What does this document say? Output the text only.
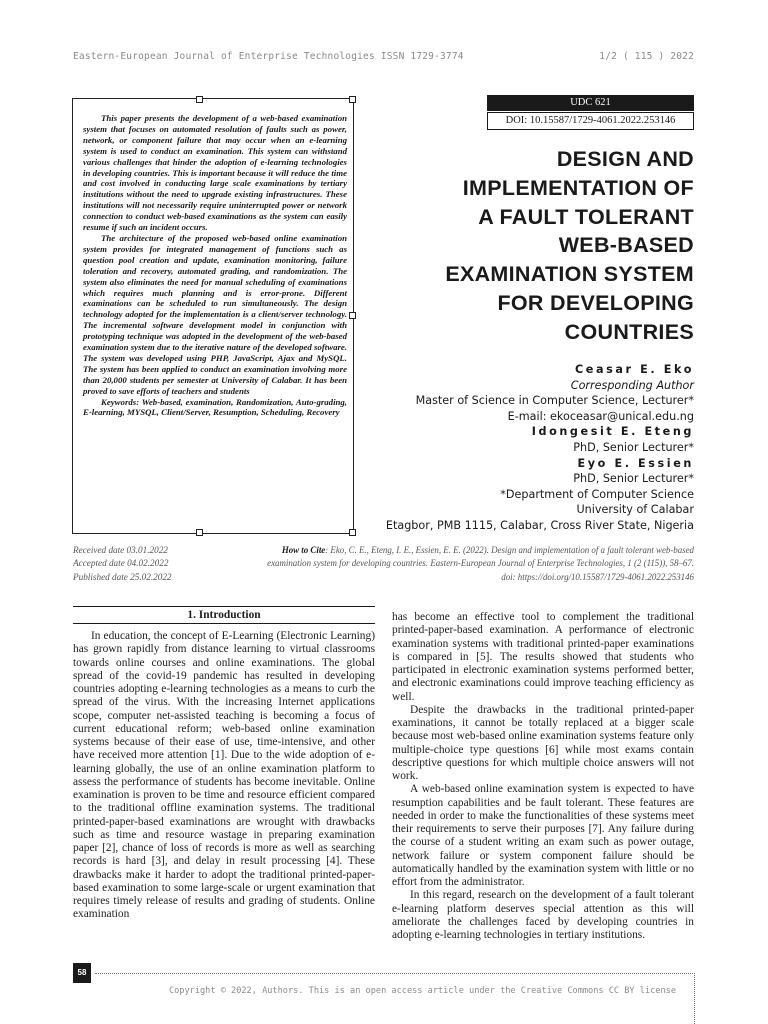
Eastern-European Journal of Enterprise Technologies ISSN 1729-3774	1/2 ( 115 ) 2022

This paper presents the development of a web-based examination system that focuses on automated resolution of faults such as power, network, or component failure that may occur when an e-learning system is used to conduct an examination. This system can withstand various challenges that hinder the adoption of e-learning technologies in developing countries. This is important because it will reduce the time and cost involved in conducting large scale examinations by tertiary institutions without the need to upgrade existing infrastructures. These institutions will not necessarily require uninterrupted power or network connection to conduct web-based examinations as the system can easily resume if such an incident occurs.

The architecture of the proposed web-based online examination system provides for integrated management of functions such as question pool creation and update, examination monitoring, failure toleration and recovery, automated grading, and randomization. The system also eliminates the need for manual scheduling of examinations which requires much planning and is error-prone. Different examinations can be scheduled to run simultaneously. The design technology adopted for the implementation is a client/server technology. The incremental software development model in conjunction with prototyping technique was adopted in the development of the web-based examination system due to the iterative nature of the developed software. The system was developed using PHP, JavaScript, Ajax and MySQL. The system has been applied to conduct an examination involving more than 20,000 students per semester at University of Calabar. It has been proved to save efforts of teachers and students

Keywords: Web-based, examination, Randomization, Auto-grading, E-learning, MYSQL, Client/Server, Resumption, Scheduling, Recovery

UDC 621
DOI: 10.15587/1729-4061.2022.253146
DESIGN AND
IMPLEMENTATION OF
A FAULT TOLERANT
WEB-BASED
EXAMINATION SYSTEM
FOR DEVELOPING
COUNTRIES
Ceasar E. Eko
Corresponding Author
Master of Science in Computer Science, Lecturer*
E-mail: ekoceasar@unical.edu.ng
Idongesit E. Eteng
PhD, Senior Lecturer*
Eyo E. Essien
PhD, Senior Lecturer*
*Department of Computer Science
University of Calabar
Etagbor, PMB 1115, Calabar, Cross River State, Nigeria
Received date 03.01.2022
Accepted date 04.02.2022
Published date 25.02.2022
How to Cite: Eko, C. E., Eteng, I. E., Essien, E. E. (2022). Design and implementation of a fault tolerant web-based
examination system for developing countries. Eastern-European Journal of Enterprise Technologies, 1 (2 (115)), 58–67.
doi: https://doi.org/10.15587/1729-4061.2022.253146
1. Introduction

In education, the concept of E-Learning (Electronic Learning) has grown rapidly from distance learning to virtual classrooms towards online courses and online examinations. The global spread of the covid-19 pandemic has resulted in developing countries adopting e-learning technologies as a means to curb the spread of the virus. With the increasing Internet applications scope, computer net-assisted teaching is becoming a focus of current educational reform; web-based online examination systems because of their ease of use, time-intensive, and other have received more attention [1]. Due to the wide adoption of e-learning globally, the use of an online examination platform to assess the performance of students has become inevitable. Online examination is proven to be time and resource efficient compared to the traditional offline examination systems. The traditional printed-paper-based examinations are wrought with drawbacks such as time and resource wastage in preparing examination paper [2], chance of loss of records is more as well as searching records is hard [3], and delay in result processing [4]. These drawbacks make it harder to adopt the traditional printed-paper-based examination to some large-scale or urgent examination that requires timely release of results and grading of students. Online examination

has become an effective tool to complement the traditional printed-paper-based examination. A performance of electronic examination systems with traditional printed-paper examinations is compared in [5]. The results showed that students who participated in electronic examination systems performed better, and electronic examinations could improve teaching efficiency as well.

Despite the drawbacks in the traditional printed-paper examinations, it cannot be totally replaced at a bigger scale because most web-based online examination systems feature only multiple-choice type questions [6] while most exams contain descriptive questions for which multiple choice answers will not work.

A web-based online examination system is expected to have resumption capabilities and be fault tolerant. These features are needed in order to make the functionalities of these systems meet their requirements to serve their purposes [7]. Any failure during the course of a student writing an exam such as power outage, network failure or system component failure should be automatically handled by the examination system with little or no effort from the administrator.

In this regard, research on the development of a fault tolerant e-learning platform deserves special attention as this will ameliorate the challenges faced by developing countries in adopting e-learning technologies in tertiary institutions.

58
Copyright © 2022, Authors. This is an open access article under the Creative Commons CC BY license
